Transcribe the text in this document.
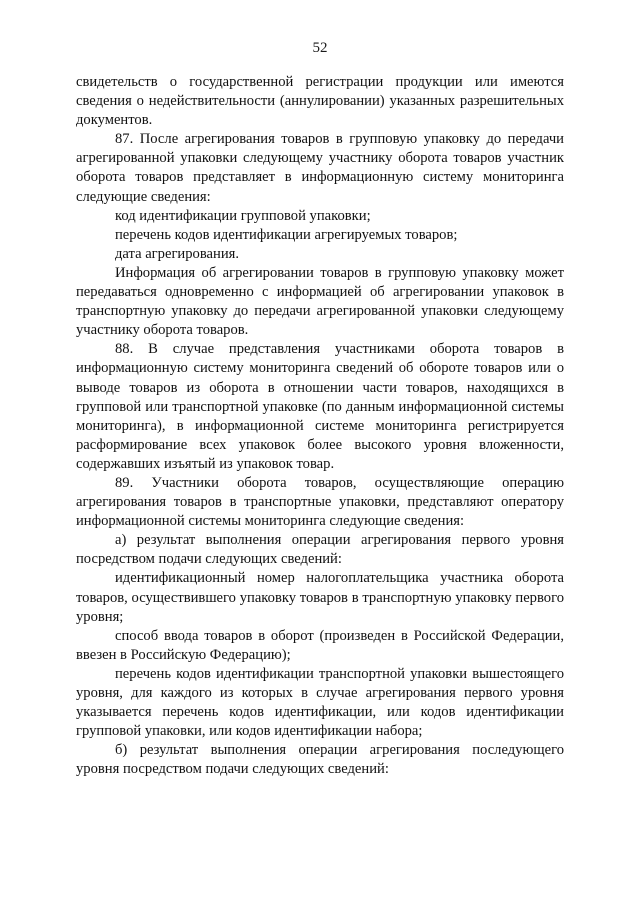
52

свидетельств о государственной регистрации продукции или имеются сведения о недействительности (аннулировании) указанных разрешительных документов.

87. После агрегирования товаров в групповую упаковку до передачи агрегированной упаковки следующему участнику оборота товаров участник оборота товаров представляет в информационную систему мониторинга следующие сведения:

код идентификации групповой упаковки;

перечень кодов идентификации агрегируемых товаров;

дата агрегирования.

Информация об агрегировании товаров в групповую упаковку может передаваться одновременно с информацией об агрегировании упаковок в транспортную упаковку до передачи агрегированной упаковки следующему участнику оборота товаров.

88. В случае представления участниками оборота товаров в информационную систему мониторинга сведений об обороте товаров или о выводе товаров из оборота в отношении части товаров, находящихся в групповой или транспортной упаковке (по данным информационной системы мониторинга), в информационной системе мониторинга регистрируется расформирование всех упаковок более высокого уровня вложенности, содержавших изъятый из упаковок товар.

89. Участники оборота товаров, осуществляющие операцию агрегирования товаров в транспортные упаковки, представляют оператору информационной системы мониторинга следующие сведения:

а) результат выполнения операции агрегирования первого уровня посредством подачи следующих сведений:

идентификационный номер налогоплательщика участника оборота товаров, осуществившего упаковку товаров в транспортную упаковку первого уровня;

способ ввода товаров в оборот (произведен в Российской Федерации, ввезен в Российскую Федерацию);

перечень кодов идентификации транспортной упаковки вышестоящего уровня, для каждого из которых в случае агрегирования первого уровня указывается перечень кодов идентификации, или кодов идентификации групповой упаковки, или кодов идентификации набора;

б) результат выполнения операции агрегирования последующего уровня посредством подачи следующих сведений:
